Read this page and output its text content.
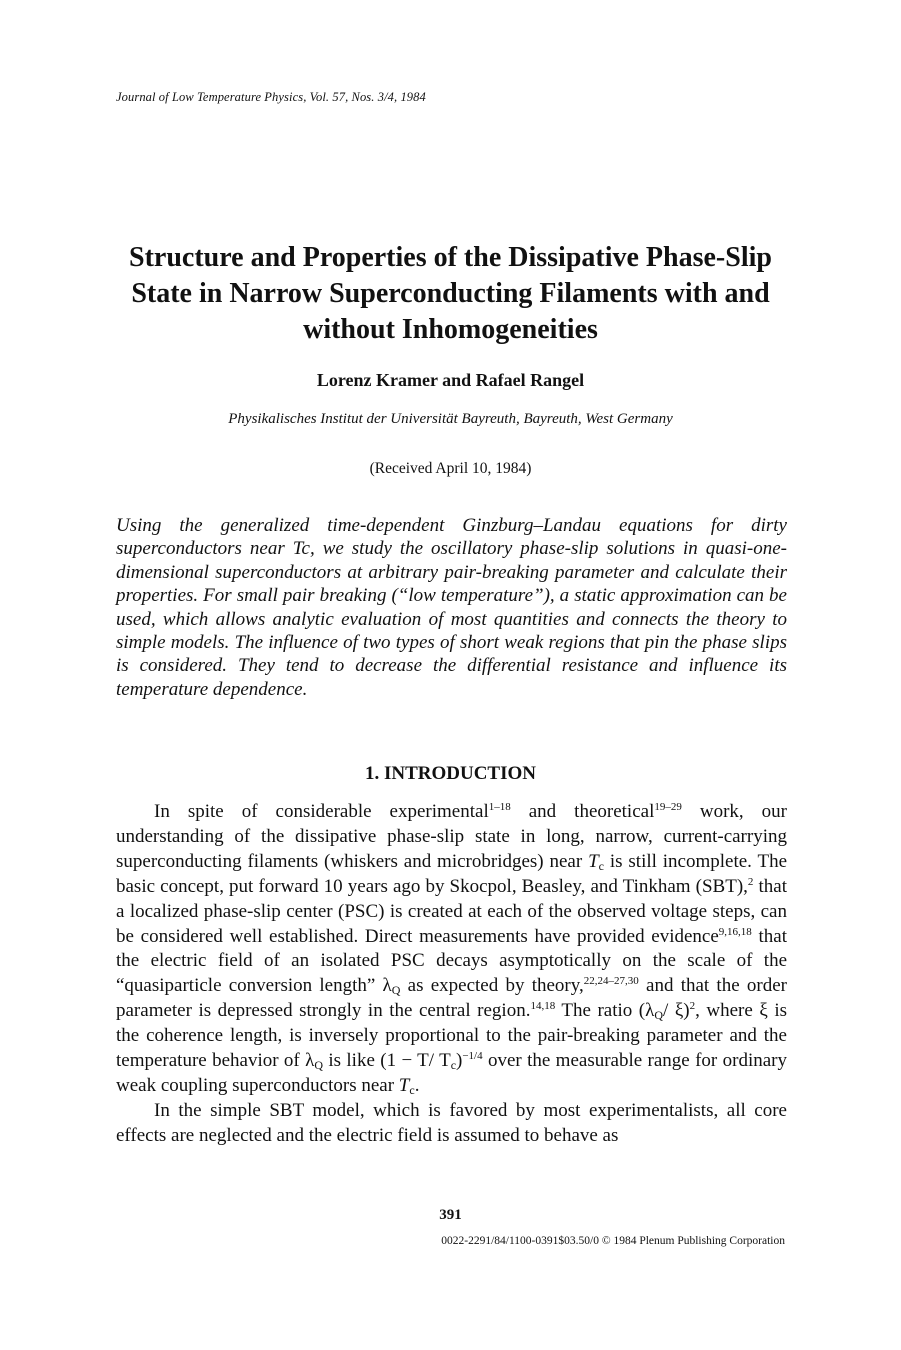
Journal of Low Temperature Physics, Vol. 57, Nos. 3/4, 1984
Structure and Properties of the Dissipative Phase-Slip State in Narrow Superconducting Filaments with and without Inhomogeneities
Lorenz Kramer and Rafael Rangel
Physikalisches Institut der Universität Bayreuth, Bayreuth, West Germany
(Received April 10, 1984)

Using the generalized time-dependent Ginzburg–Landau equations for dirty superconductors near Tc, we study the oscillatory phase-slip solutions in quasi-one-dimensional superconductors at arbitrary pair-breaking parameter and calculate their properties. For small pair breaking (“low temperature”), a static approximation can be used, which allows analytic evaluation of most quantities and connects the theory to simple models. The influence of two types of short weak regions that pin the phase slips is considered. They tend to decrease the differential resistance and influence its temperature dependence.

1. INTRODUCTION

In spite of considerable experimental$^{1-18}$ and theoretical$^{19-29}$ work, our understanding of the dissipative phase-slip state in long, narrow, current-carrying superconducting filaments (whiskers and microbridges) near $T_c$ is still incomplete. The basic concept, put forward 10 years ago by Skocpol, Beasley, and Tinkham (SBT),$^2$ that a localized phase-slip center (PSC) is created at each of the observed voltage steps, can be considered well established. Direct measurements have provided evidence$^{9,16,18}$ that the electric field of an isolated PSC decays asymptotically on the scale of the “quasiparticle conversion length” $\lambda_Q$ as expected by theory,$^{22,24-27,30}$ and that the order parameter is depressed strongly in the central region.$^{14,18}$ The ratio ($\lambda_Q/$ ξ)$^2$, where ξ is the coherence length, is inversely proportional to the pair-breaking parameter and the temperature behavior of $\lambda_Q$ is like (1 − T/ $T_c)^{-1/4}$ over the measurable range for ordinary weak coupling superconductors near $T_c$.

In the simple SBT model, which is favored by most experimentalists, all core effects are neglected and the electric field is assumed to behave as

391
0022-2291/84/1100-0391$03.50/0 © 1984 Plenum Publishing Corporation
